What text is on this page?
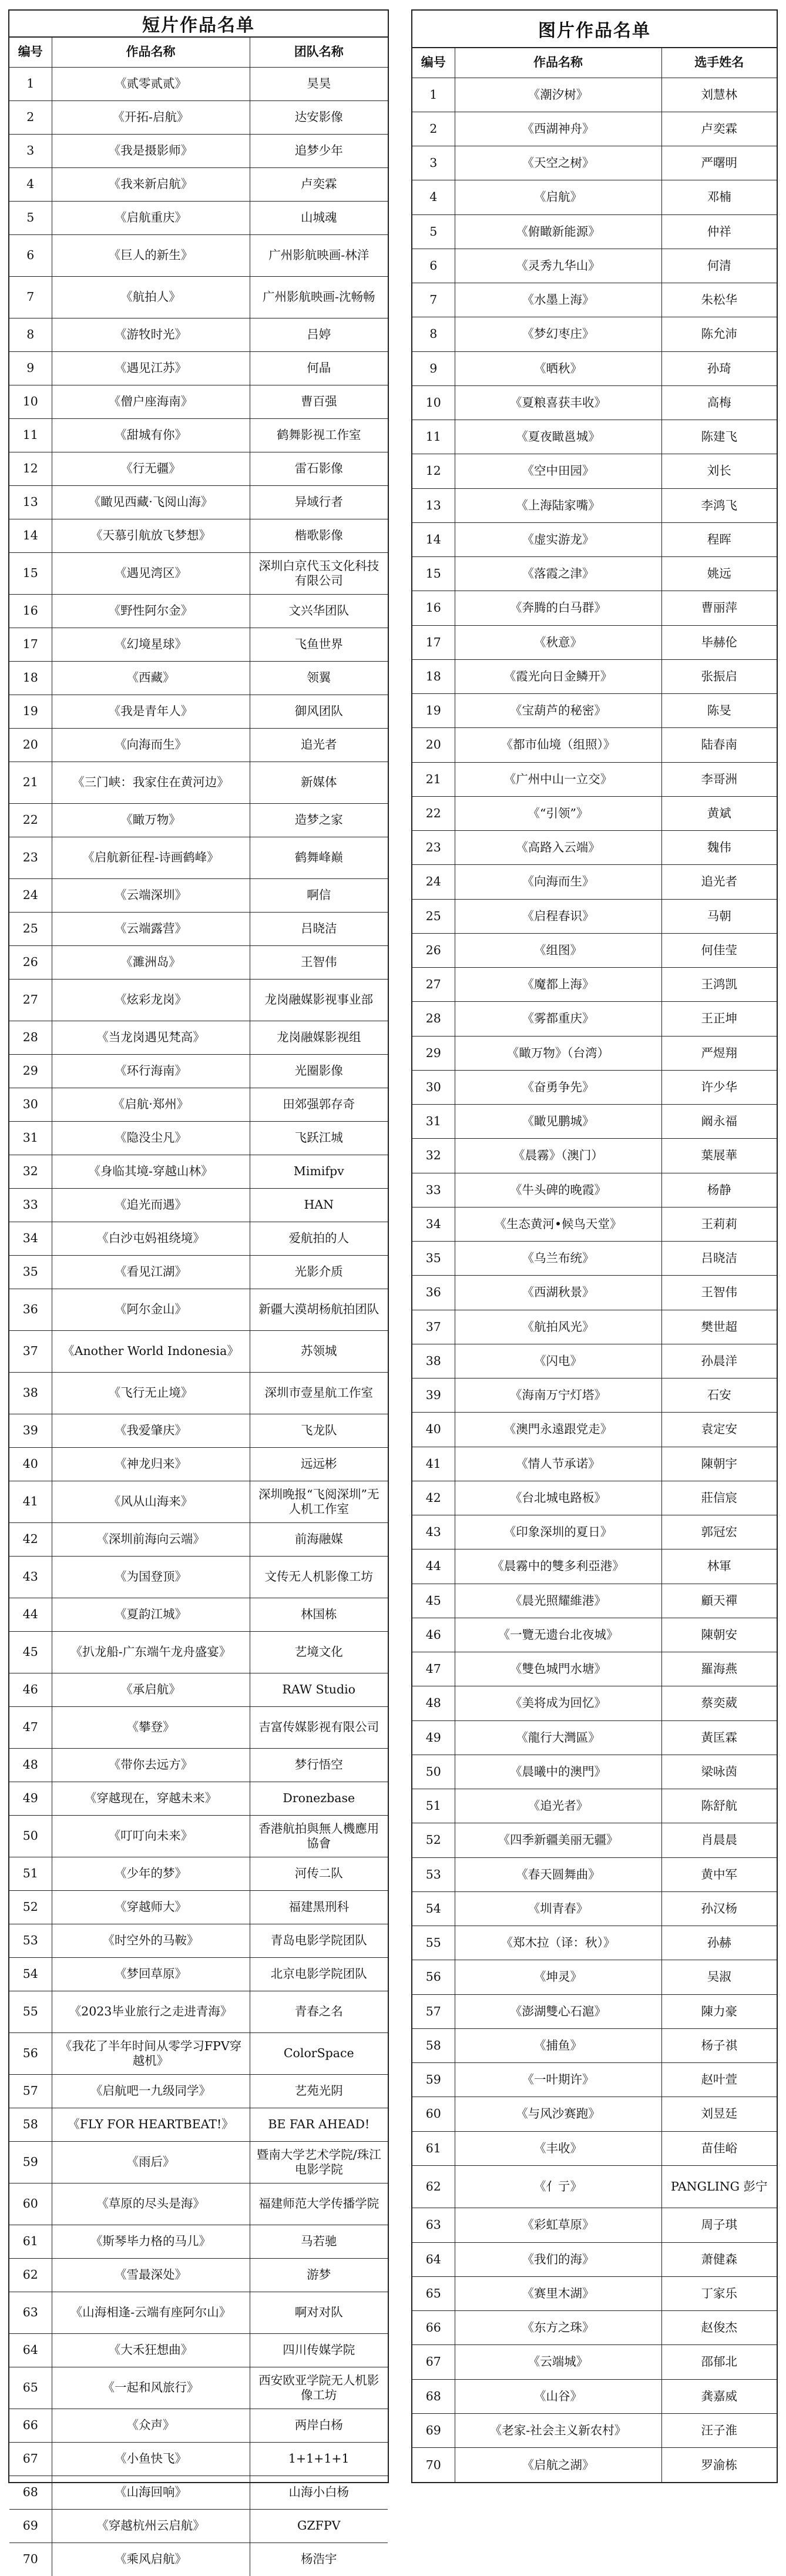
短片作品名单
编号	作品名称	团队名称
1	《贰零贰贰》	昊昊
2	《开拓-启航》	达安影像
3	《我是摄影师》	追梦少年
4	《我来新启航》	卢奕霖
5	《启航重庆》	山城魂
6	《巨人的新生》	广州影航映画-林洋
7	《航拍人》	广州影航映画-沈畅畅
8	《游牧时光》	吕婷
9	《遇见江苏》	何晶
10	《僧户座海南》	曹百强
11	《甜城有你》	鹤舞影视工作室
12	《行无疆》	雷石影像
13	《瞰见西藏·飞阅山海》	异域行者
14	《天慕引航放飞梦想》	楷歌影像
15	《遇见湾区》	深圳白京代玉文化科技有限公司
16	《野性阿尔金》	文兴华团队
17	《幻境星球》	飞鱼世界
18	《西藏》	领翼
19	《我是青年人》	御风团队
20	《向海而生》	追光者
21	《三门峡：我家住在黄河边》	新媒体
22	《瞰万物》	造梦之家
23	《启航新征程-诗画鹤峰》	鹤舞峰巅
24	《云端深圳》	啊信
25	《云端露营》	吕晓洁
26	《濉洲岛》	王智伟
27	《炫彩龙岗》	龙岗融媒影视事业部
28	《当龙岗遇见梵高》	龙岗融媒影视组
29	《环行海南》	光圈影像
30	《启航·郑州》	田郊强郭存奇
31	《隐没尘凡》	飞跃江城
32	《身临其境-穿越山林》	Mimifpv
33	《追光而遇》	HAN
34	《白沙屯妈祖绕境》	爱航拍的人
35	《看见江湖》	光影介质
36	《阿尔金山》	新疆大漠胡杨航拍团队
37	《Another World Indonesia》	苏领城
38	《飞行无止境》	深圳市壹星航工作室
39	《我爱肇庆》	飞龙队
40	《神龙归来》	远远彬
41	《风从山海来》	深圳晚报“飞阅深圳”无人机工作室
42	《深圳前海向云端》	前海融媒
43	《为国登顶》	文传无人机影像工坊
44	《夏韵江城》	林国栋
45	《扒龙船-广东端午龙舟盛宴》	艺境文化
46	《承启航》	RAW Studio
47	《攀登》	吉富传媒影视有限公司
48	《带你去远方》	梦行悟空
49	《穿越现在，穿越未来》	Dronezbase
50	《叮叮向未来》	香港航拍與無人機應用協會
51	《少年的梦》	河传二队
52	《穿越师大》	福建黑刑科
53	《时空外的马鞍》	青岛电影学院团队
54	《梦回草原》	北京电影学院团队
55	《2023毕业旅行之走进青海》	青春之名
56	《我花了半年时间从零学习FPV穿越机》	ColorSpace
57	《启航吧一九级同学》	艺苑光阴
58	《FLY FOR HEARTBEAT!》	BE FAR AHEAD!
59	《雨后》	暨南大学艺术学院/珠江电影学院
60	《草原的尽头是海》	福建师范大学传播学院
61	《斯琴毕力格的马儿》	马若驰
62	《雪最深处》	游梦
63	《山海相逢-云端有座阿尔山》	啊对对队
64	《大禾狂想曲》	四川传媒学院
65	《一起和风旅行》	西安欧亚学院无人机影像工坊
66	《众声》	两岸白杨
67	《小鱼快飞》	1+1+1+1
68	《山海回响》	山海小白杨
69	《穿越杭州云启航》	GZFPV
70	《乘风启航》	杨浩宇
图片作品名单
编号	作品名称	选手姓名
1	《潮汐树》	刘慧林
2	《西湖神舟》	卢奕霖
3	《天空之树》	严曙明
4	《启航》	邓楠
5	《俯瞰新能源》	仲祥
6	《灵秀九华山》	何清
7	《水墨上海》	朱松华
8	《梦幻枣庄》	陈允沛
9	《晒秋》	孙琦
10	《夏粮喜获丰收》	高梅
11	《夏夜瞰邕城》	陈建飞
12	《空中田园》	刘长
13	《上海陆家嘴》	李鸿飞
14	《虚实游龙》	程晖
15	《落霞之津》	姚远
16	《奔腾的白马群》	曹丽萍
17	《秋意》	毕赫伦
18	《霞光向日金鳞开》	张振启
19	《宝葫芦的秘密》	陈旻
20	《都市仙境（组照）》	陆春南
21	《广州中山一立交》	李哥洲
22	《“引领”》	黄斌
23	《高路入云端》	魏伟
24	《向海而生》	追光者
25	《启程春识》	马朝
26	《组图》	何佳莹
27	《魔都上海》	王鸿凯
28	《雾都重庆》	王正坤
29	《瞰万物》（台湾）	严煜翔
30	《奋勇争先》	许少华
31	《瞰见鹏城》	阚永福
32	《晨霧》（澳门）	葉展華
33	《牛头碑的晚霞》	杨静
34	《生态黄河•候鸟天堂》	王莉莉
35	《乌兰布统》	吕晓洁
36	《西湖秋景》	王智伟
37	《航拍风光》	樊世超
38	《闪电》	孙晨洋
39	《海南万宁灯塔》	石安
40	《澳門永遠跟党走》	袁定安
41	《情人节承诺》	陳朝宇
42	《台北城电路板》	莊信宸
43	《印象深圳的夏日》	郭冠宏
44	《晨霧中的雙多利亞港》	林軍
45	《晨光照耀維港》	顧天禪
46	《一覽无遗台北夜城》	陳朝安
47	《雙色城門水塘》	羅海燕
48	《美将成为回忆》	蔡奕葳
49	《龍行大灣區》	黃匡霖
50	《晨曦中的澳門》	梁咏茵
51	《追光者》	陈舒航
52	《四季新疆美丽无疆》	肖晨晨
53	《春天圆舞曲》	黄中军
54	《圳青春》	孙汉杨
55	《郑木拉（译：秋）》	孙赫
56	《坤灵》	吴淑
57	《澎湖雙心石滬》	陳力豪
58	《捕鱼》	杨子祺
59	《一叶期许》	赵叶萱
60	《与风沙赛跑》	刘昱廷
61	《丰收》	苗佳峪
62	《亻亍》	PANGLING 彭宁
63	《彩虹草原》	周子琪
64	《我们的海》	萧健森
65	《赛里木湖》	丁家乐
66	《东方之珠》	赵俊杰
67	《云端城》	邵郁北
68	《山谷》	龚嘉威
69	《老家-社会主义新农村》	汪子淮
70	《启航之湖》	罗渝栋
